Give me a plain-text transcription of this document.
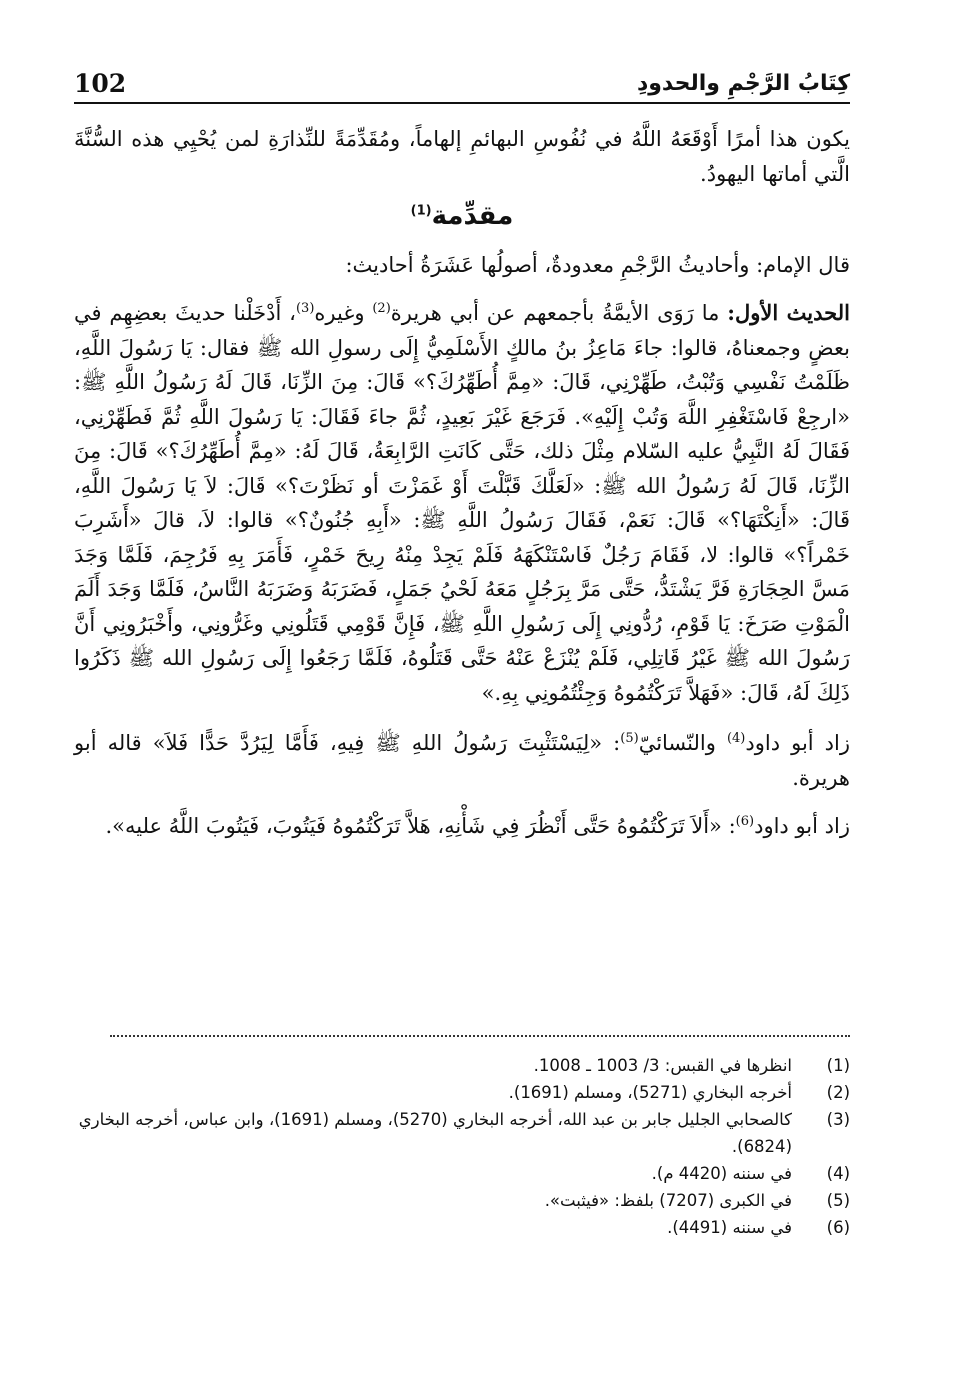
كِتَابُ الرَّجْمِ والحدودِ
102

يكون هذا أمرًا أَوْقَعَهُ اللَّهُ في نُفُوسِ البهائمِ إلهاماً، ومُقَدِّمَةً للنِّذارَةِ لمن يُحْيِي هذه السُّنَّةَ الَّتي أماتها اليهودُ.

مقدِّمة$^{(1)}$

قال الإمام: وأحاديثُ الرَّجْمِ معدودةٌ، أصولُها عَشَرَةُ أحاديث:

الحديث الأول: ما رَوَى الأيمَّةُ بأجمعهم عن أبي هريرة$^{(2)}$ وغيره$^{(3)}$، أَدْخَلْنا حديثَ بعضِهِم في بعضٍ وجمعناهُ، قالوا: جاءَ مَاعِزُ بنُ مالكٍ الأَسْلَمِيُّ إِلَى رسولِ الله ﷺ فقال: يَا رَسُولَ اللَّهِ، ظَلَمْتُ نَفْسِي وَتُبْتُ، طَهِّرْنِي، قَالَ: «مِمَّ أُطَهِّرُكَ؟» قَالَ: مِنَ الزِّنَا، قَالَ لَهُ رَسُولُ اللَّهِ ﷺ: «ارجِعْ فَاسْتَغْفِرِ اللَّهَ وَتُبْ إِلَيْهِ». فَرَجَعَ غَيْرَ بَعِيدٍ، ثُمَّ جاءَ فَقَالَ: يَا رَسُولَ اللَّهِ ثُمَّ فَطَهِّرْنِي، فَقَالَ لَهُ النَّبِيُّ عليه السّلام مِثْلَ ذلك، حَتَّى كَانَتِ الرَّابِعَةُ، قَالَ لَهُ: «مِمَّ أُطَهِّرُكَ؟» قَالَ: مِنَ الزِّنَا، قَالَ لَهُ رَسُولُ الله ﷺ: «لَعَلَّكَ قَبَّلْتَ أَوْ غَمَزْتَ أو نَظَرْتَ؟» قَالَ: لاَ يَا رَسُولَ اللَّهِ، قَالَ: «أَنِكْتَهَا؟» قَالَ: نَعَمْ، فَقَالَ رَسُولُ اللَّهِ ﷺ: «أَبِهِ جُنُونٌ؟» قالوا: لاَ، قالَ «أَشَرِبَ خَمْراً؟» قالوا: لا، فَقَامَ رَجُلٌ فَاسْتَنْكَهَهُ فَلَمْ يَجِدْ مِنْهُ رِيحَ خَمْرٍ، فَأَمَرَ بِهِ فَرُجِمَ، فَلَمَّا وَجَدَ مَسَّ الحِجَارَةِ فَرَّ يَشْتَدُّ، حَتَّى مَرَّ بِرَجُلٍ مَعَهُ لَحْيُ جَمَلٍ، فَضَرَبَهُ وَضَرَبَهُ النَّاسُ، فَلَمَّا وَجَدَ أَلَمَ الْمَوْتِ صَرَخَ: يَا قَوْمِ، رُدُّونِي إِلَى رَسُولِ اللَّهِ ﷺ، فَإِنَّ قَوْمِي قَتَلُونِي وغَرُّونِي، وأَخْبَرُونِي أَنَّ رَسُولَ الله ﷺ غَيْرُ قَاتِلِي، فَلَمْ يُنْزَعْ عَنْهُ حَتَّى قَتَلُوهُ، فَلَمَّا رَجَعُوا إِلَى رَسُولِ الله ﷺ ذَكَرُوا ذَلِكَ لَهُ، قَالَ: «فَهَلاَّ تَرَكْتُمُوهُ وَجِئْتُمُونِي بِهِ.»

زاد أبو داود$^{(4)}$ والنّسائيّ$^{(5)}$: «لِيَسْتَثْبِتَ رَسُولُ اللهِ ﷺ فِيهِ، فَأَمَّا لِيَرُدَّ حَدًّا فَلاَ» قاله أبو هريرة.

زاد أبو داود$^{(6)}$: «أَلاَ تَرَكْتُمُوهُ حَتَّى أَنْظُرَ فِي شَأْنِهِ، هَلاَّ تَرَكْتُمُوهُ فَيَتُوبَ، فَيَتُوبَ اللَّهُ عليه».

(1)
انظرها في القبس: 3/ 1003 ـ 1008.
(2)
أخرجه البخاري (5271)، ومسلم (1691).
(3)
كالصحابي الجليل جابر بن عبد الله، أخرجه البخاري (5270)، ومسلم (1691)، وابن عباس، أخرجه البخاري (6824).
(4)
في سننه (4420 م).
(5)
في الكبرى (7207) بلفظ: «فيثبت».
(6)
في سننه (4491).
